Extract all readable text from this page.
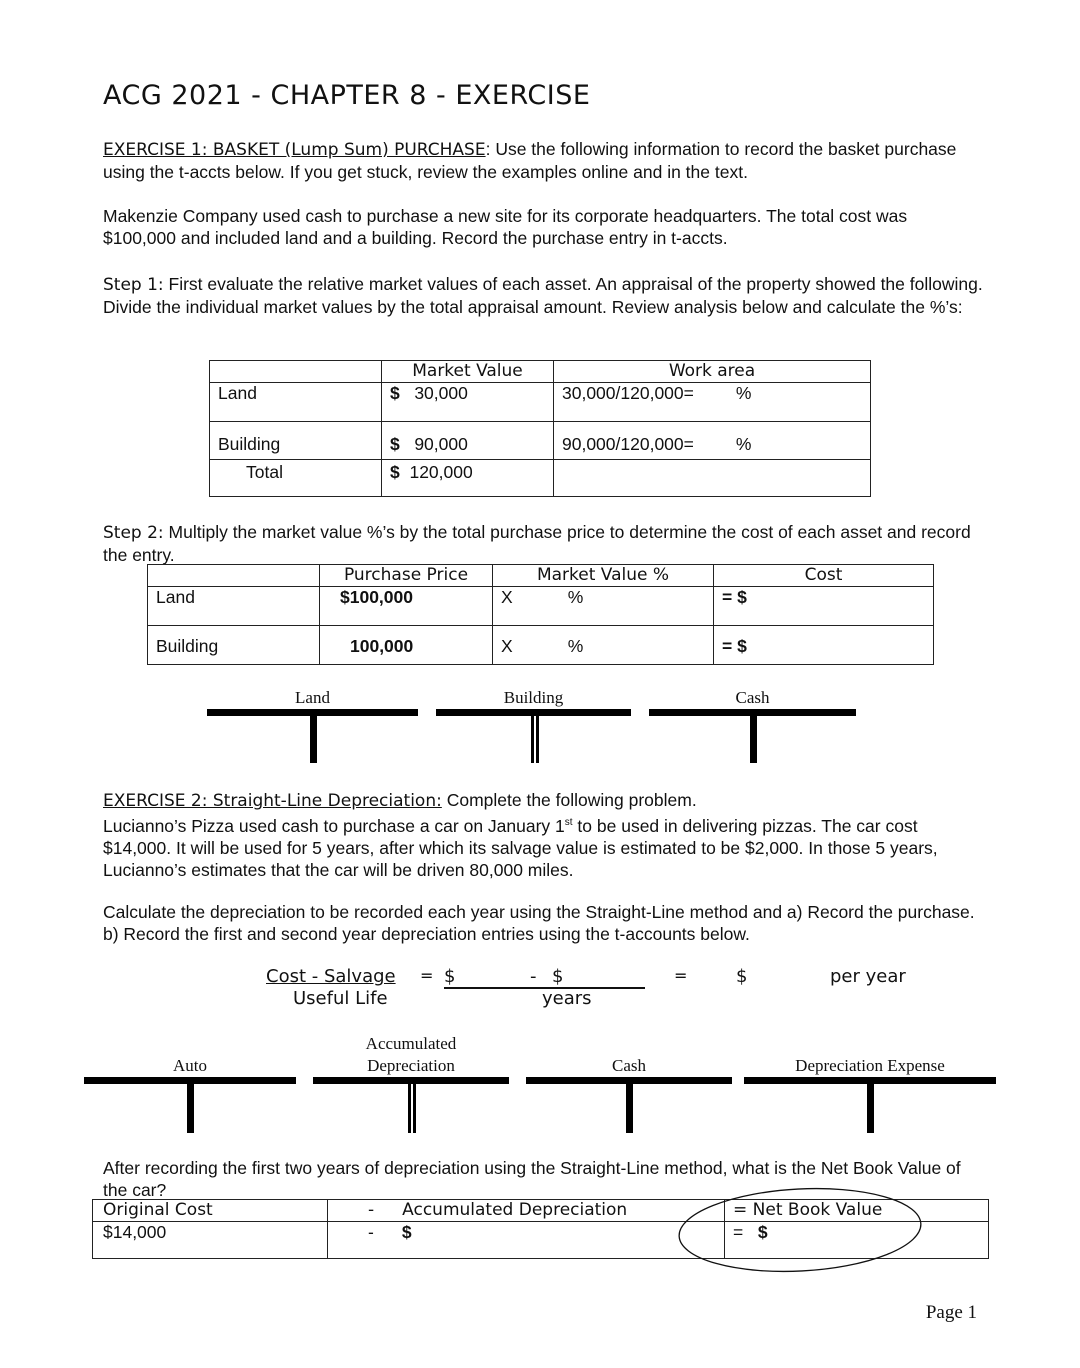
ACG 2021 - CHAPTER 8 - EXERCISE
EXERCISE 1: BASKET (Lump Sum) PURCHASE: Use the following information to record the basket purchase using the t-accts below. If you get stuck, review the examples online and in the text.
Makenzie Company used cash to purchase a new site for its corporate headquarters. The total cost was $100,000 and included land and a building. Record the purchase entry in t-accts.
Step 1: First evaluate the relative market values of each asset. An appraisal of the property showed the following. Divide the individual market values by the total appraisal amount. Review analysis below and calculate the %’s:
	Market Value	Work area
Land	$ 30,000	30,000/120,000= %
Building	$ 90,000	90,000/120,000= %
Total	$ 120,000	
Step 2: Multiply the market value %’s by the total purchase price to determine the cost of each asset and record the entry.
	Purchase Price	Market Value %	Cost
Land	$100,000	X %	= $
Building	100,000	X %	= $
Land	Building	Cash
EXERCISE 2: Straight-Line Depreciation: Complete the following problem.
Lucianno’s Pizza used cash to purchase a car on January 1st to be used in delivering pizzas. The car cost $14,000. It will be used for 5 years, after which its salvage value is estimated to be $2,000. In those 5 years, Lucianno’s estimates that the car will be driven 80,000 miles.
Calculate the depreciation to be recorded each year using the Straight-Line method and a) Record the purchase. b) Record the first and second year depreciation entries using the t-accounts below.
Cost - Salvage
Useful Life
= $	- $
years
=	$	per year
Auto
Accumulated
Depreciation	Cash	Depreciation Expense
After recording the first two years of depreciation using the Straight-Line method, what is the Net Book Value of the car?
Original Cost	- Accumulated Depreciation	= Net Book Value
$14,000	- $	= $
Page 1
